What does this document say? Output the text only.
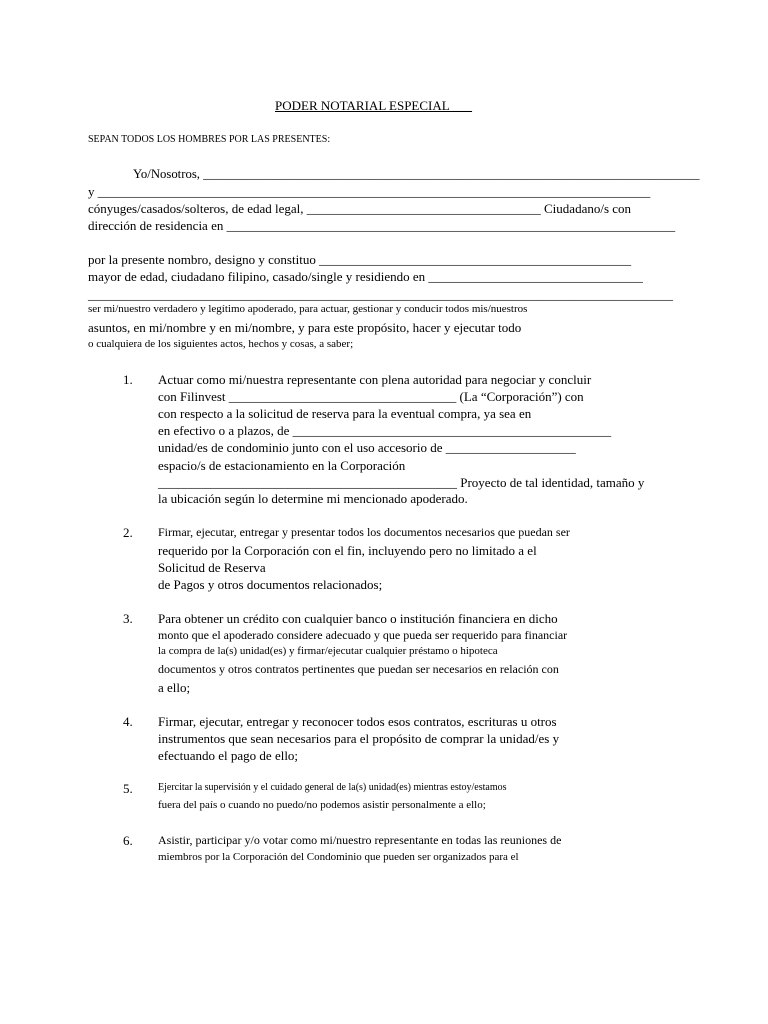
PODER NOTARIAL ESPECIAL ___
SEPAN TODOS LOS HOMBRES POR LAS PRESENTES:
Yo/Nosotros, ______________________________________________________________________________
y _____________________________________________________________________________________
cónyuges/casados/solteros, de edad legal, ____________________________________ Ciudadano/s con
dirección de residencia en _____________________________________________________________________
por la presente nombro, designo y constituo ________________________________________________
mayor de edad, ciudadano filipino, casado/single y residiendo en _________________________________
__________________________________________________________________________________________
ser mi/nuestro verdadero y legítimo apoderado, para actuar, gestionar y conducir todos mis/nuestros
asuntos, en mi/nombre y en mi/nombre, y para este propósito, hacer y ejecutar todo
o cualquiera de los siguientes actos, hechos y cosas, a saber;
1. Actuar como mi/nuestra representante con plena autoridad para negociar y concluir
con Filinvest ___________________________________ (La “Corporación”) con
con respecto a la solicitud de reserva para la eventual compra, ya sea en
en efectivo o a plazos, de _________________________________________________
unidad/es de condominio junto con el uso accesorio de ____________________
espacio/s de estacionamiento en la Corporación
______________________________________________ Proyecto de tal identidad, tamaño y
la ubicación según lo determine mi mencionado apoderado.
2. Firmar, ejecutar, entregar y presentar todos los documentos necesarios que puedan ser
requerido por la Corporación con el fin, incluyendo pero no limitado a el
Solicitud de Reserva
de Pagos y otros documentos relacionados;
3. Para obtener un crédito con cualquier banco o institución financiera en dicho
monto que el apoderado considere adecuado y que pueda ser requerido para financiar
la compra de la(s) unidad(es) y firmar/ejecutar cualquier préstamo o hipoteca
documentos y otros contratos pertinentes que puedan ser necesarios en relación con
a ello;
4. Firmar, ejecutar, entregar y reconocer todos esos contratos, escrituras u otros
instrumentos que sean necesarios para el propósito de comprar la unidad/es y
efectuando el pago de ello;
5.	Ejercitar la supervisión y el cuidado general de la(s) unidad(es) mientras estoy/estamos
fuera del país o cuando no puedo/no podemos asistir personalmente a ello;
6. Asistir, participar y/o votar como mi/nuestro representante en todas las reuniones de
miembros por la Corporación del Condominio que pueden ser organizados para el
